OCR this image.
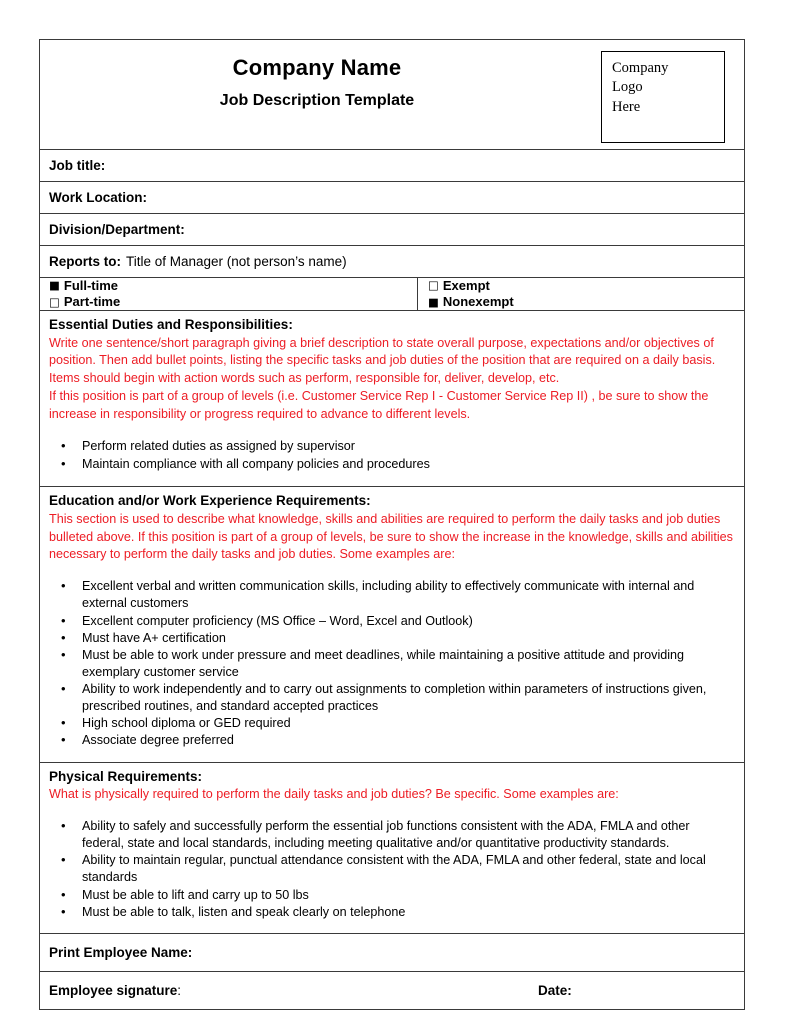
Company Name
Job Description Template
Company
Logo
Here
Job title:
Work Location:
Division/Department:
Reports to: Title of Manager (not person’s name)
■ Full-time
□ Part-time
□ Exempt
■ Nonexempt
Essential Duties and Responsibilities:

Write one sentence/short paragraph giving a brief description to state overall purpose, expectations and/or objectives of position. Then add bullet points, listing the specific tasks and job duties of the position that are required on a daily basis. Items should begin with action words such as perform, responsible for, deliver, develop, etc.

If this position is part of a group of levels (i.e. Customer Service Rep I - Customer Service Rep II) , be sure to show the increase in responsibility or progress required to advance to different levels.

• Perform related duties as assigned by supervisor
• Maintain compliance with all company policies and procedures
Education and/or Work Experience Requirements:

This section is used to describe what knowledge, skills and abilities are required to perform the daily tasks and job duties bulleted above. If this position is part of a group of levels, be sure to show the increase in the knowledge, skills and abilities necessary to perform the daily tasks and job duties. Some examples are:

• Excellent verbal and written communication skills, including ability to effectively communicate with internal and external customers
• Excellent computer proficiency (MS Office – Word, Excel and Outlook)
• Must have A+ certification
• Must be able to work under pressure and meet deadlines, while maintaining a positive attitude and providing exemplary customer service
• Ability to work independently and to carry out assignments to completion within parameters of instructions given, prescribed routines, and standard accepted practices
• High school diploma or GED required
• Associate degree preferred
Physical Requirements:

What is physically required to perform the daily tasks and job duties? Be specific. Some examples are:

• Ability to safely and successfully perform the essential job functions consistent with the ADA, FMLA and other federal, state and local standards, including meeting qualitative and/or quantitative productivity standards.
• Ability to maintain regular, punctual attendance consistent with the ADA, FMLA and other federal, state and local standards
• Must be able to lift and carry up to 50 lbs
• Must be able to talk, listen and speak clearly on telephone
Print Employee Name:
Employee signature :	Date:
